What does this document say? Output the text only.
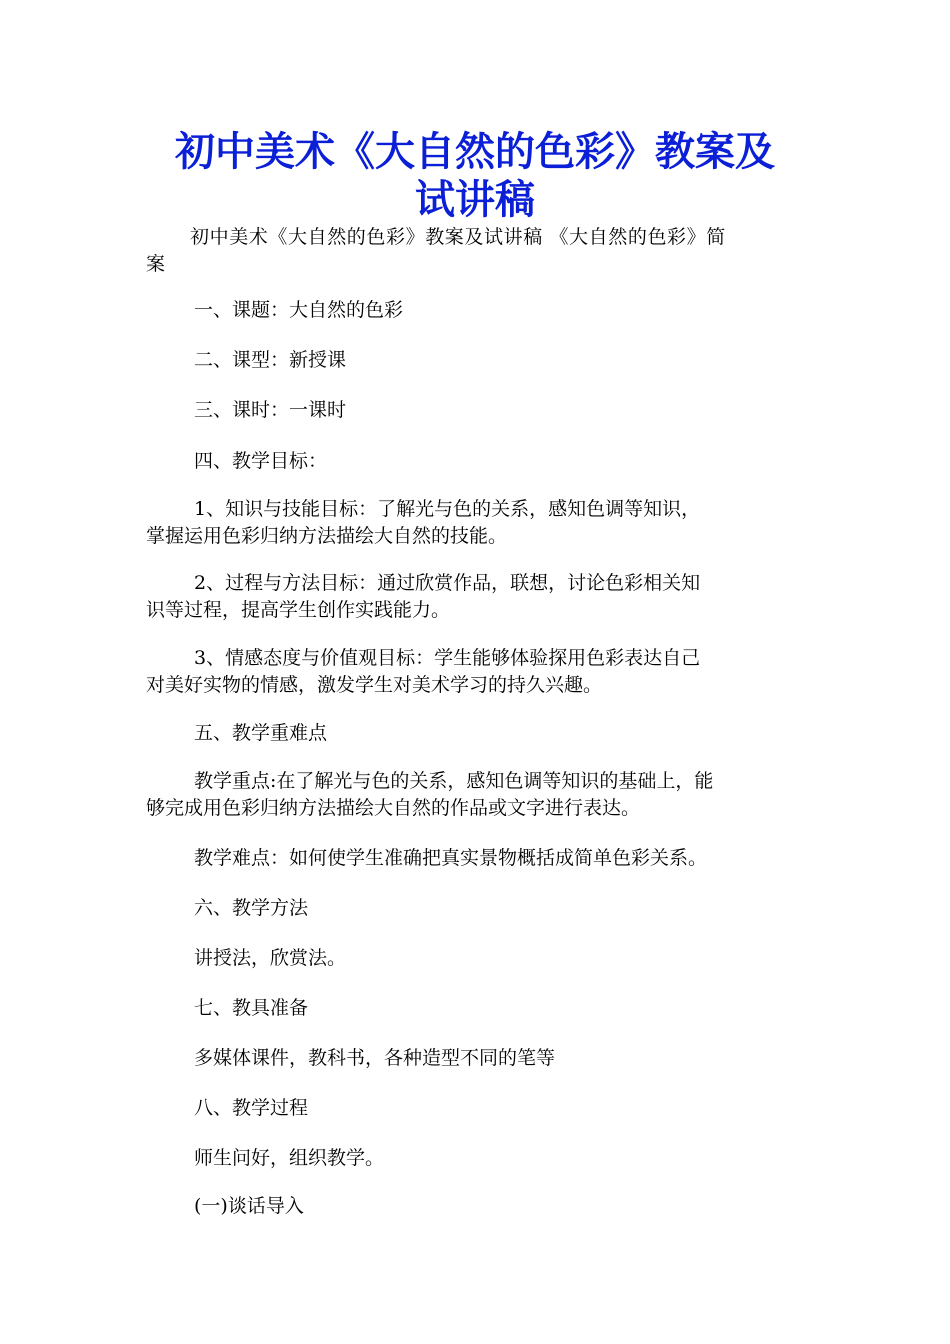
初中美术《大自然的色彩》教案及
试讲稿

初中美术《大自然的色彩》教案及试讲稿 《大自然的色彩》简
案

一、课题：大自然的色彩

二、课型：新授课

三、课时：一课时

四、教学目标：

1、知识与技能目标：了解光与色的关系，感知色调等知识，
掌握运用色彩归纳方法描绘大自然的技能。

2、过程与方法目标：通过欣赏作品，联想，讨论色彩相关知
识等过程，提高学生创作实践能力。

3、情感态度与价值观目标：学生能够体验探用色彩表达自己
对美好实物的情感，激发学生对美术学习的持久兴趣。

五、教学重难点

教学重点:在了解光与色的关系，感知色调等知识的基础上，能
够完成用色彩归纳方法描绘大自然的作品或文字进行表达。

教学难点：如何使学生准确把真实景物概括成简单色彩关系。

六、教学方法

讲授法，欣赏法。

七、教具准备

多媒体课件，教科书，各种造型不同的笔等

八、教学过程

师生问好，组织教学。

(一)谈话导入
